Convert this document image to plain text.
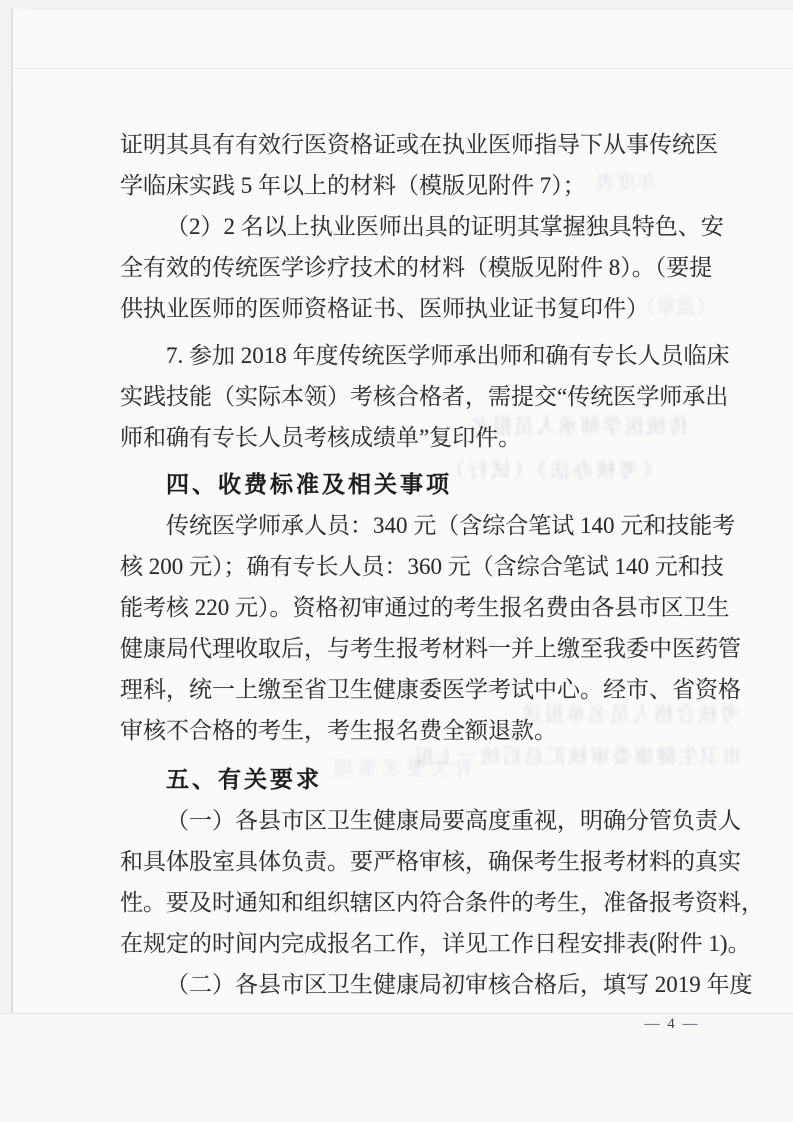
年度表
（盖章）
传统医学师承人员报名
《考核办法》（试行）
考核合格人员名单报送
市卫生健康委审核汇总后统一上报
有关要求事项
证明其具有有效行医资格证或在执业医师指导下从事传统医
学临床实践 5 年以上的材料（模版见附件 7）；
（2）2 名以上执业医师出具的证明其掌握独具特色、安
全有效的传统医学诊疗技术的材料（模版见附件 8）。（要提
供执业医师的医师资格证书、医师执业证书复印件）
7. 参加 2018 年度传统医学师承出师和确有专长人员临床
实践技能（实际本领）考核合格者，需提交“传统医学师承出
师和确有专长人员考核成绩单”复印件。
四、收费标准及相关事项
传统医学师承人员：340 元（含综合笔试 140 元和技能考
核 200 元）；确有专长人员：360 元（含综合笔试 140 元和技
能考核 220 元）。资格初审通过的考生报名费由各县市区卫生
健康局代理收取后，与考生报考材料一并上缴至我委中医药管
理科，统一上缴至省卫生健康委医学考试中心。经市、省资格
审核不合格的考生，考生报名费全额退款。
五、有关要求
（一）各县市区卫生健康局要高度重视，明确分管负责人
和具体股室具体负责。要严格审核，确保考生报考材料的真实
性。要及时通知和组织辖区内符合条件的考生，准备报考资料，
在规定的时间内完成报名工作，详见工作日程安排表(附件 1)。
（二）各县市区卫生健康局初审核合格后，填写 2019 年度
— 4 —
